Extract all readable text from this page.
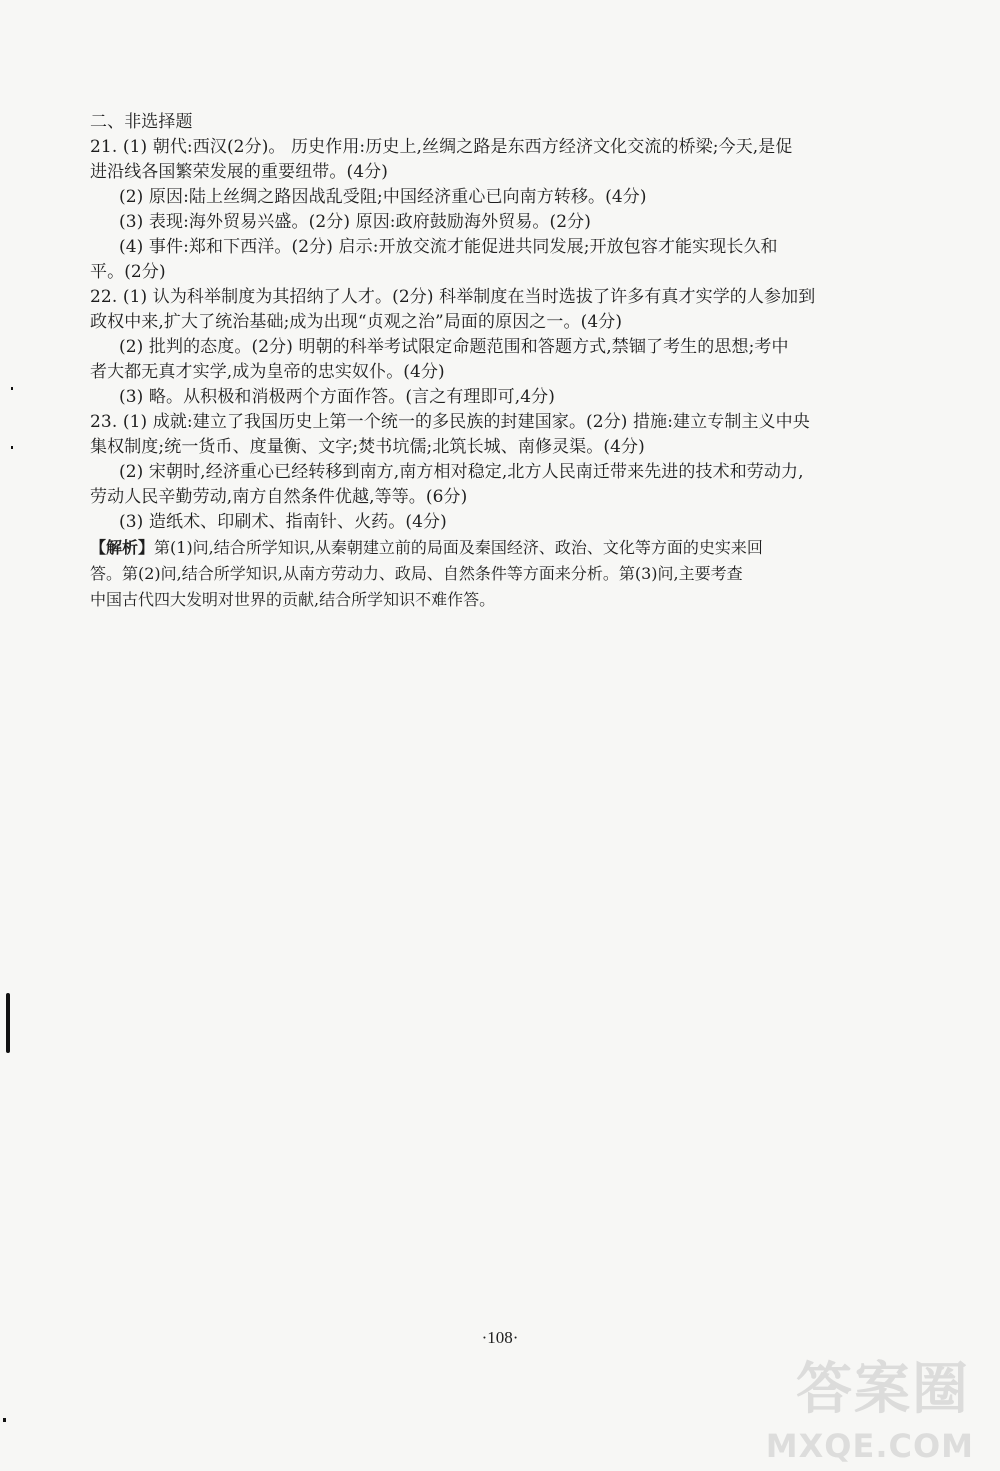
二、非选择题
21. (1) 朝代:西汉(2分)。 历史作用:历史上,丝绸之路是东西方经济文化交流的桥梁;今天,是促
进沿线各国繁荣发展的重要纽带。(4分)
(2) 原因:陆上丝绸之路因战乱受阻;中国经济重心已向南方转移。(4分)
(3) 表现:海外贸易兴盛。(2分) 原因:政府鼓励海外贸易。(2分)
(4) 事件:郑和下西洋。(2分) 启示:开放交流才能促进共同发展;开放包容才能实现长久和
平。(2分)
22. (1) 认为科举制度为其招纳了人才。(2分) 科举制度在当时选拔了许多有真才实学的人参加到
政权中来,扩大了统治基础;成为出现“贞观之治”局面的原因之一。(4分)
(2) 批判的态度。(2分) 明朝的科举考试限定命题范围和答题方式,禁锢了考生的思想;考中
者大都无真才实学,成为皇帝的忠实奴仆。(4分)
(3) 略。从积极和消极两个方面作答。(言之有理即可,4分)
23. (1) 成就:建立了我国历史上第一个统一的多民族的封建国家。(2分) 措施:建立专制主义中央
集权制度;统一货币、度量衡、文字;焚书坑儒;北筑长城、南修灵渠。(4分)
(2) 宋朝时,经济重心已经转移到南方,南方相对稳定,北方人民南迁带来先进的技术和劳动力,
劳动人民辛勤劳动,南方自然条件优越,等等。(6分)
(3) 造纸术、印刷术、指南针、火药。(4分)
【解析】第(1)问,结合所学知识,从秦朝建立前的局面及秦国经济、政治、文化等方面的史实来回
答。第(2)问,结合所学知识,从南方劳动力、政局、自然条件等方面来分析。第(3)问,主要考查
中国古代四大发明对世界的贡献,结合所学知识不难作答。
·108·
答案圈
MXQE.COM
